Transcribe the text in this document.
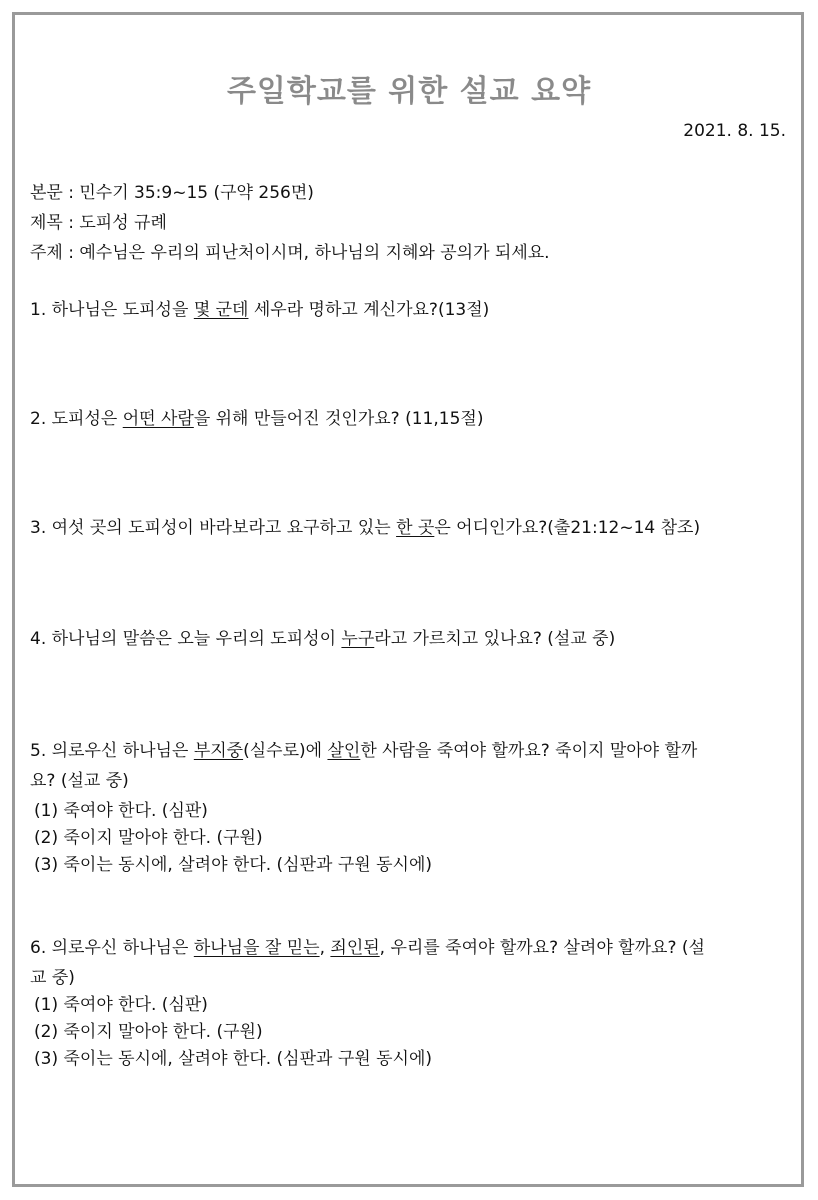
주일학교를 위한 설교 요약
2021. 8. 15.
본문 : 민수기 35:9~15 (구약 256면)
제목 : 도피성 규례
주제 : 예수님은 우리의 피난처이시며, 하나님의 지혜와 공의가 되세요.
1. 하나님은 도피성을 몇 군데 세우라 명하고 계신가요?(13절)
2. 도피성은 어떤 사람을 위해 만들어진 것인가요? (11,15절)
3. 여섯 곳의 도피성이 바라보라고 요구하고 있는 한 곳은 어디인가요?(출21:12~14 참조)
4. 하나님의 말씀은 오늘 우리의 도피성이 누구라고 가르치고 있나요? (설교 중)
5. 의로우신 하나님은 부지중(실수로)에 살인한 사람을 죽여야 할까요? 죽이지 말아야 할까
요? (설교 중)
(1) 죽여야 한다. (심판)
(2) 죽이지 말아야 한다. (구원)
(3) 죽이는 동시에, 살려야 한다. (심판과 구원 동시에)
6. 의로우신 하나님은 하나님을 잘 믿는, 죄인된, 우리를 죽여야 할까요? 살려야 할까요? (설
교 중)
(1) 죽여야 한다. (심판)
(2) 죽이지 말아야 한다. (구원)
(3) 죽이는 동시에, 살려야 한다. (심판과 구원 동시에)
